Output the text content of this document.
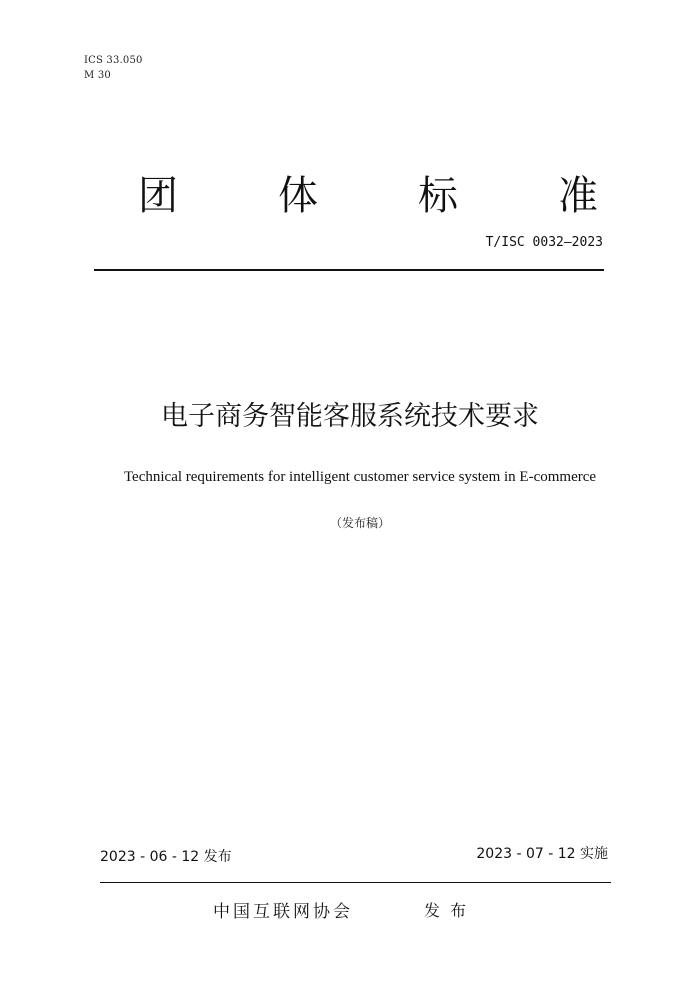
ICS 33.050
M 30
团	体	标	准
T/ISC 0032—2023
电子商务智能客服系统技术要求
Technical requirements for intelligent customer service system in E-commerce
（发布稿）
2023 - 06 - 12 发布	2023 - 07 - 12 实施
中国互联网协会	发布
